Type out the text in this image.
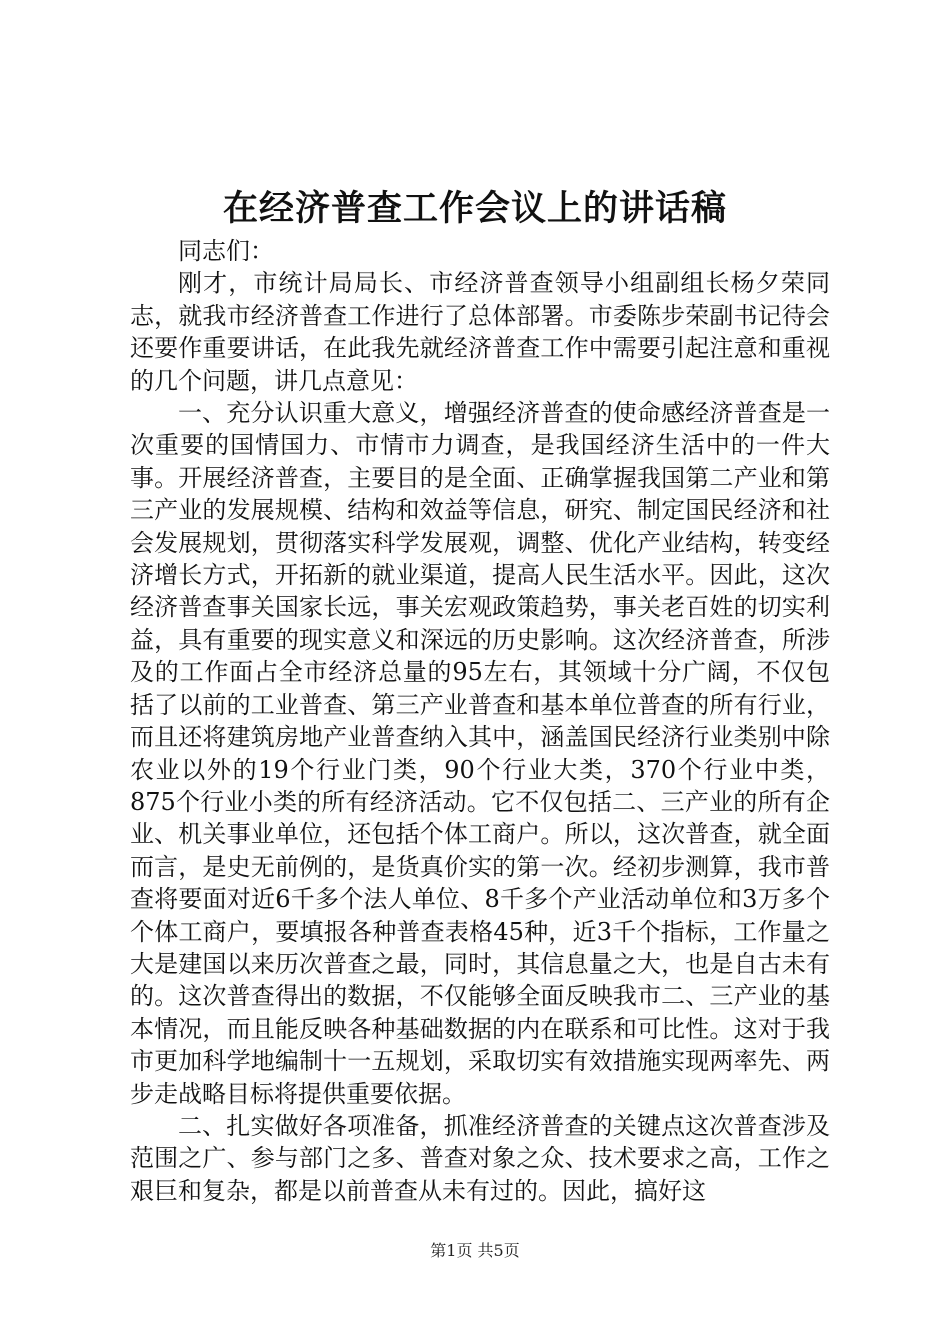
在经济普查工作会议上的讲话稿

同志们：

刚才，市统计局局长、市经济普查领导小组副组长杨夕荣同志，就我市经济普查工作进行了总体部署。市委陈步荣副书记待会还要作重要讲话，在此我先就经济普查工作中需要引起注意和重视的几个问题，讲几点意见：

一、充分认识重大意义，增强经济普查的使命感经济普查是一次重要的国情国力、市情市力调查，是我国经济生活中的一件大事。开展经济普查，主要目的是全面、正确掌握我国第二产业和第三产业的发展规模、结构和效益等信息，研究、制定国民经济和社会发展规划，贯彻落实科学发展观，调整、优化产业结构，转变经济增长方式，开拓新的就业渠道，提高人民生活水平。因此，这次经济普查事关国家长远，事关宏观政策趋势，事关老百姓的切实利益，具有重要的现实意义和深远的历史影响。这次经济普查，所涉及的工作面占全市经济总量的95左右，其领域十分广阔，不仅包括了以前的工业普查、第三产业普查和基本单位普查的所有行业，而且还将建筑房地产业普查纳入其中，涵盖国民经济行业类别中除农业以外的19个行业门类，90个行业大类，370个行业中类，875个行业小类的所有经济活动。它不仅包括二、三产业的所有企业、机关事业单位，还包括个体工商户。所以，这次普查，就全面而言，是史无前例的，是货真价实的第一次。经初步测算，我市普查将要面对近6千多个法人单位、8千多个产业活动单位和3万多个个体工商户，要填报各种普查表格45种，近3千个指标，工作量之大是建国以来历次普查之最，同时，其信息量之大，也是自古未有的。这次普查得出的数据，不仅能够全面反映我市二、三产业的基本情况，而且能反映各种基础数据的内在联系和可比性。这对于我市更加科学地编制十一五规划，采取切实有效措施实现两率先、两步走战略目标将提供重要依据。

二、扎实做好各项准备，抓准经济普查的关键点这次普查涉及范围之广、参与部门之多、普查对象之众、技术要求之高，工作之艰巨和复杂，都是以前普查从未有过的。因此，搞好这

第1页 共5页
